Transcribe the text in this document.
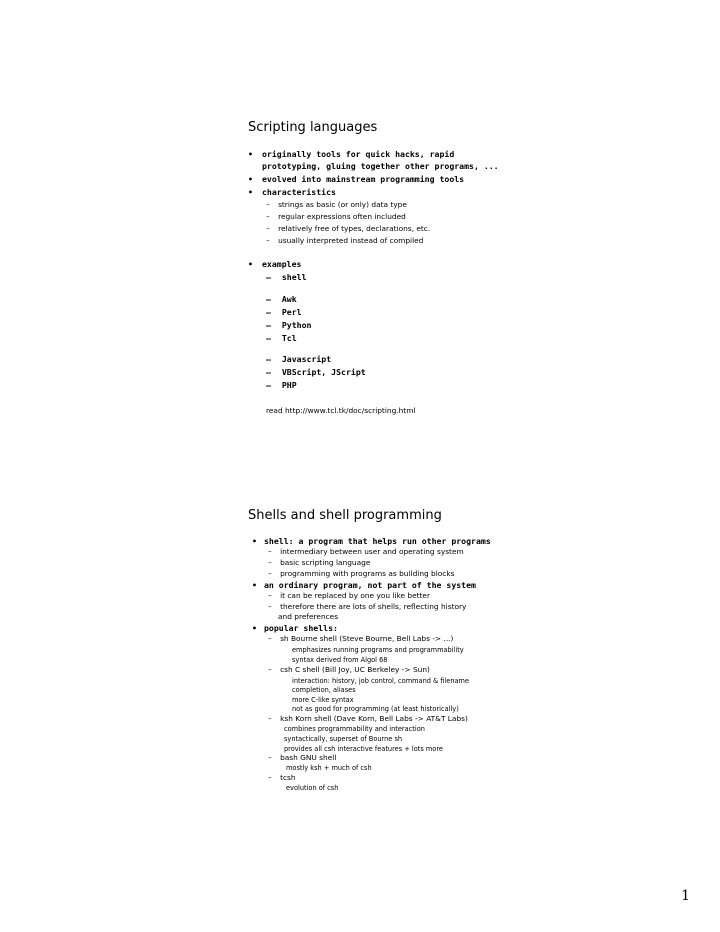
Scripting languages
• originally tools for quick hacks, rapid
prototyping, gluing together other programs, ...
• evolved into mainstream programming tools
• characteristics
– strings as basic (or only) data type
– regular expressions often included
– relatively free of types, declarations, etc.
– usually interpreted instead of compiled
• examples
– shell
– Awk
– Perl
– Python
– Tcl
– Javascript
– VBScript, JScript
– PHP
read http://www.tcl.tk/doc/scripting.html
Shells and shell programming
• shell: a program that helps run other programs
– intermediary between user and operating system
– basic scripting language
– programming with programs as building blocks
• an ordinary program, not part of the system
– it can be replaced by one you like better
– therefore there are lots of shells, reflecting history
and preferences
• popular shells:
– sh Bourne shell (Steve Bourne, Bell Labs -> ...)
emphasizes running programs and programmability
syntax derived from Algol 68
– csh C shell (Bill Joy, UC Berkeley -> Sun)
interaction: history, job control, command & filename
completion, aliases
more C-like syntax
not as good for programming (at least historically)
– ksh Korn shell (Dave Korn, Bell Labs -> AT&T Labs)
combines programmability and interaction
syntactically, superset of Bourne sh
provides all csh interactive features + lots more
– bash GNU shell
mostly ksh + much of csh
– tcsh
evolution of csh
1
